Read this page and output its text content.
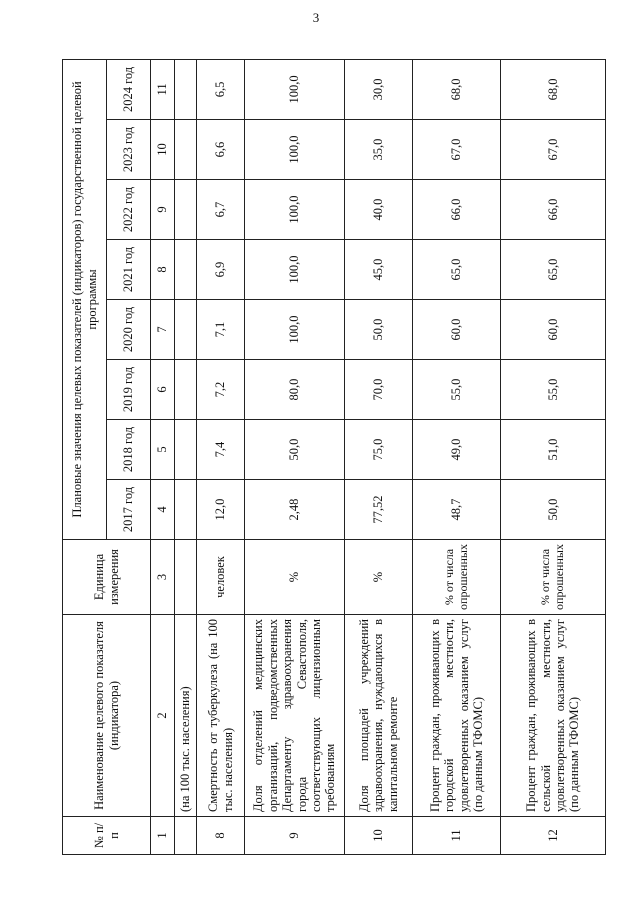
3
№ п/п	Наименование целевого показателя (индикатора)	Единица измерения	Плановые значения целевых показателей (индикаторов) государственной целевой программы							
			2017 год	2018 год	2019 год	2020 год	2021 год	2022 год	2023 год	2024 год
1	2	3	4	5	6	7	8	9	10	11
	(на 100 тыс. населения)									
8	Смертность от туберкулеза (на 100 тыс. населения)	человек	12,0	7,4	7,2	7,1	6,9	6,7	6,6	6,5
9	Доля отделений медицинских организаций, подведомственных Департаменту здравоохранения города Севастополя, соответствующих лицензионным требованиям	%	2,48	50,0	80,0	100,0	100,0	100,0	100,0	100,0
10	Доля площадей учреждений здравоохранения, нуждающихся в капитальном ремонте	%	77,52	75,0	70,0	50,0	45,0	40,0	35,0	30,0
11	Процент граждан, проживающих в городской местности, удовлетворенных оказанием услуг (по данным ТФОМС)	% от числа опрошенных	48,7	49,0	55,0	60,0	65,0	66,0	67,0	68,0
12	Процент граждан, проживающих в сельской местности, удовлетворенных оказанием услуг (по данным ТФОМС)	% от числа опрошенных	50,0	51,0	55,0	60,0	65,0	66,0	67,0	68,0
